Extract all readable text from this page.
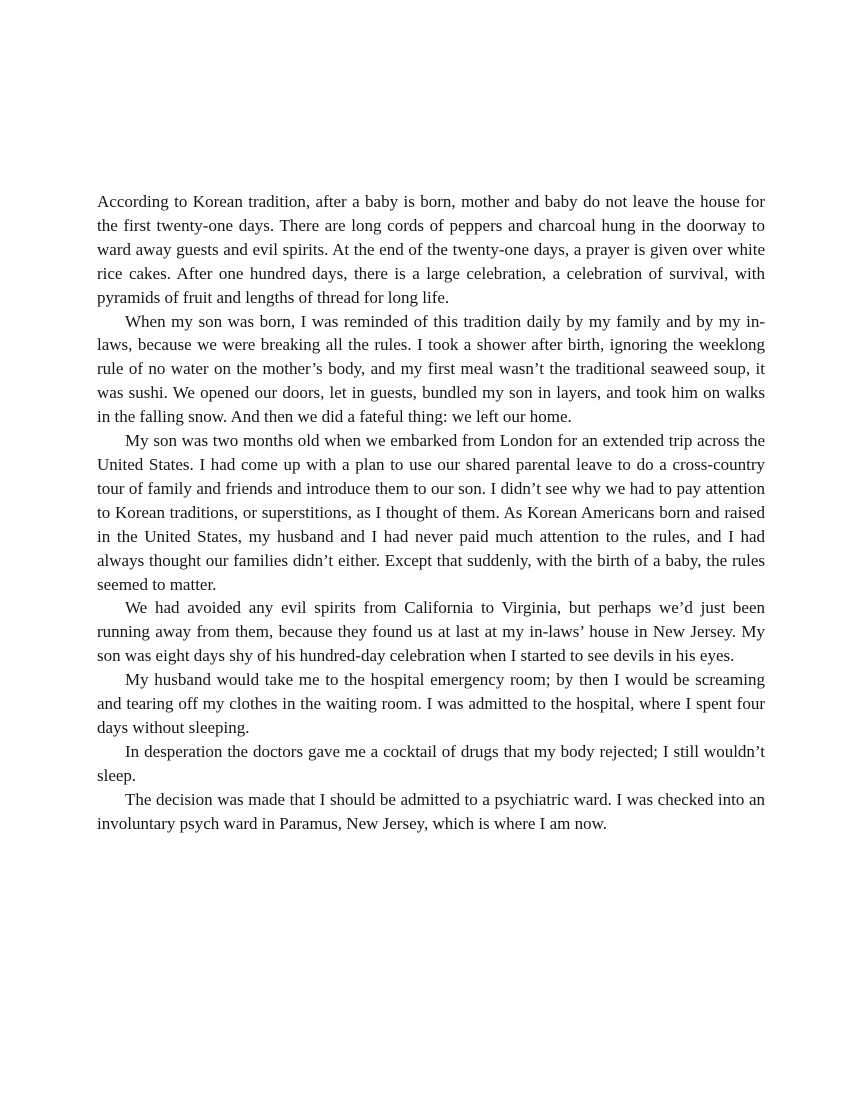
According to Korean tradition, after a baby is born, mother and baby do not leave the house for the first twenty-one days. There are long cords of peppers and charcoal hung in the doorway to ward away guests and evil spirits. At the end of the twenty-one days, a prayer is given over white rice cakes. After one hundred days, there is a large celebration, a celebration of survival, with pyramids of fruit and lengths of thread for long life.

When my son was born, I was reminded of this tradition daily by my family and by my in-laws, because we were breaking all the rules. I took a shower after birth, ignoring the weeklong rule of no water on the mother’s body, and my first meal wasn’t the traditional seaweed soup, it was sushi. We opened our doors, let in guests, bundled my son in layers, and took him on walks in the falling snow. And then we did a fateful thing: we left our home.

My son was two months old when we embarked from London for an extended trip across the United States. I had come up with a plan to use our shared parental leave to do a cross-country tour of family and friends and introduce them to our son. I didn’t see why we had to pay attention to Korean traditions, or superstitions, as I thought of them. As Korean Americans born and raised in the United States, my husband and I had never paid much attention to the rules, and I had always thought our families didn’t either. Except that suddenly, with the birth of a baby, the rules seemed to matter.

We had avoided any evil spirits from California to Virginia, but perhaps we’d just been running away from them, because they found us at last at my in-laws’ house in New Jersey. My son was eight days shy of his hundred-day celebration when I started to see devils in his eyes.

My husband would take me to the hospital emergency room; by then I would be screaming and tearing off my clothes in the waiting room. I was admitted to the hospital, where I spent four days without sleeping.

In desperation the doctors gave me a cocktail of drugs that my body rejected; I still wouldn’t sleep.

The decision was made that I should be admitted to a psychiatric ward. I was checked into an involuntary psych ward in Paramus, New Jersey, which is where I am now.
